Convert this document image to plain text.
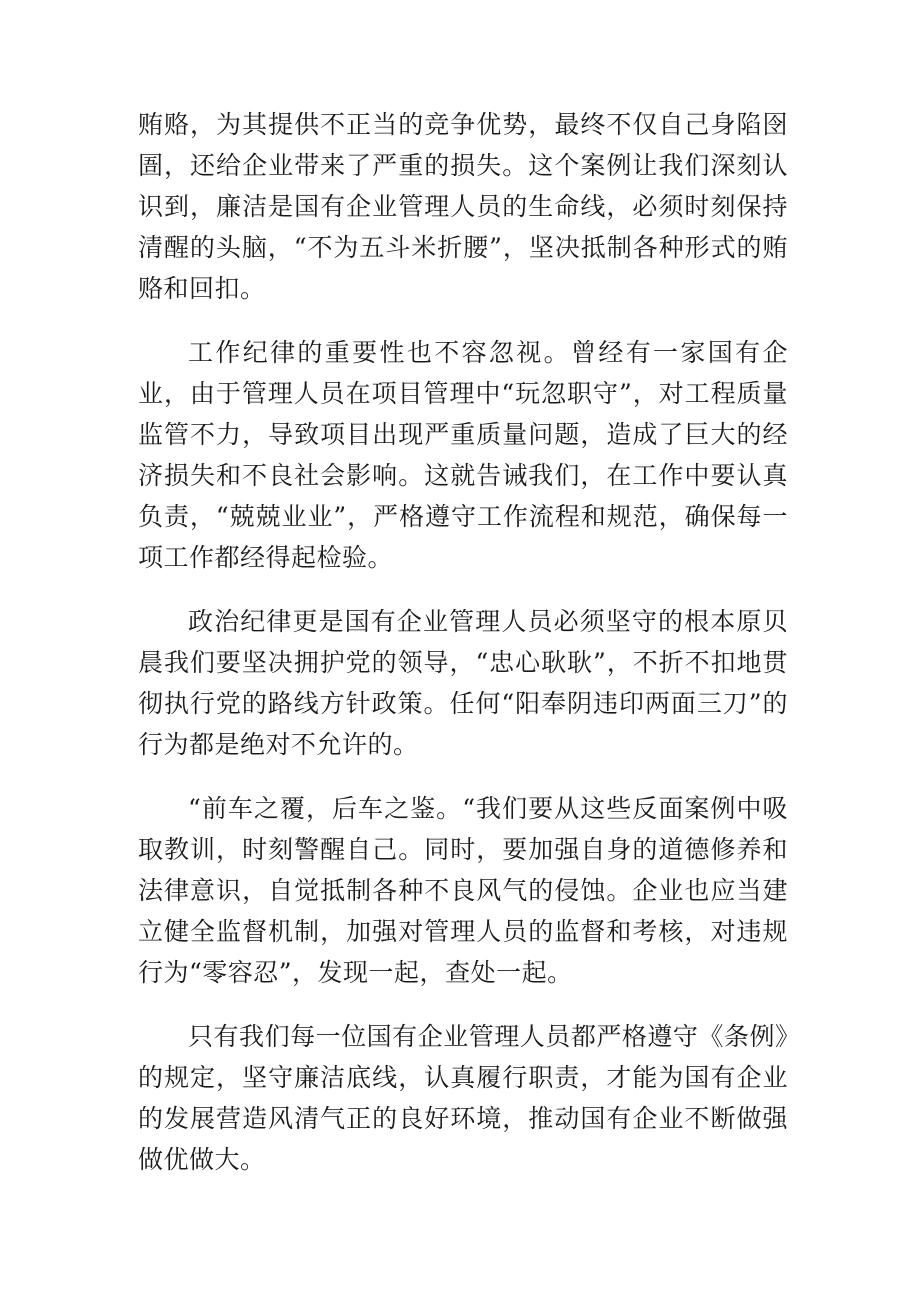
贿赂，为其提供不正当的竞争优势，最终不仅自己身陷囹圄，还给企业带来了严重的损失。这个案例让我们深刻认识到，廉洁是国有企业管理人员的生命线，必须时刻保持清醒的头脑，“不为五斗米折腰”，坚决抵制各种形式的贿赂和回扣。

工作纪律的重要性也不容忽视。曾经有一家国有企业，由于管理人员在项目管理中“玩忽职守”，对工程质量监管不力，导致项目出现严重质量问题，造成了巨大的经济损失和不良社会影响。这就告诫我们，在工作中要认真负责，“兢兢业业”，严格遵守工作流程和规范，确保每一项工作都经得起检验。

政治纪律更是国有企业管理人员必须坚守的根本原贝晨我们要坚决拥护党的领导，“忠心耿耿”，不折不扣地贯彻执行党的路线方针政策。任何“阳奉阴违印两面三刀”的行为都是绝对不允许的。

“前车之覆，后车之鉴。“我们要从这些反面案例中吸取教训，时刻警醒自己。同时，要加强自身的道德修养和法律意识，自觉抵制各种不良风气的侵蚀。企业也应当建立健全监督机制，加强对管理人员的监督和考核，对违规行为“零容忍”，发现一起，查处一起。

只有我们每一位国有企业管理人员都严格遵守《条例》的规定，坚守廉洁底线，认真履行职责，才能为国有企业的发展营造风清气正的良好环境，推动国有企业不断做强做优做大。
